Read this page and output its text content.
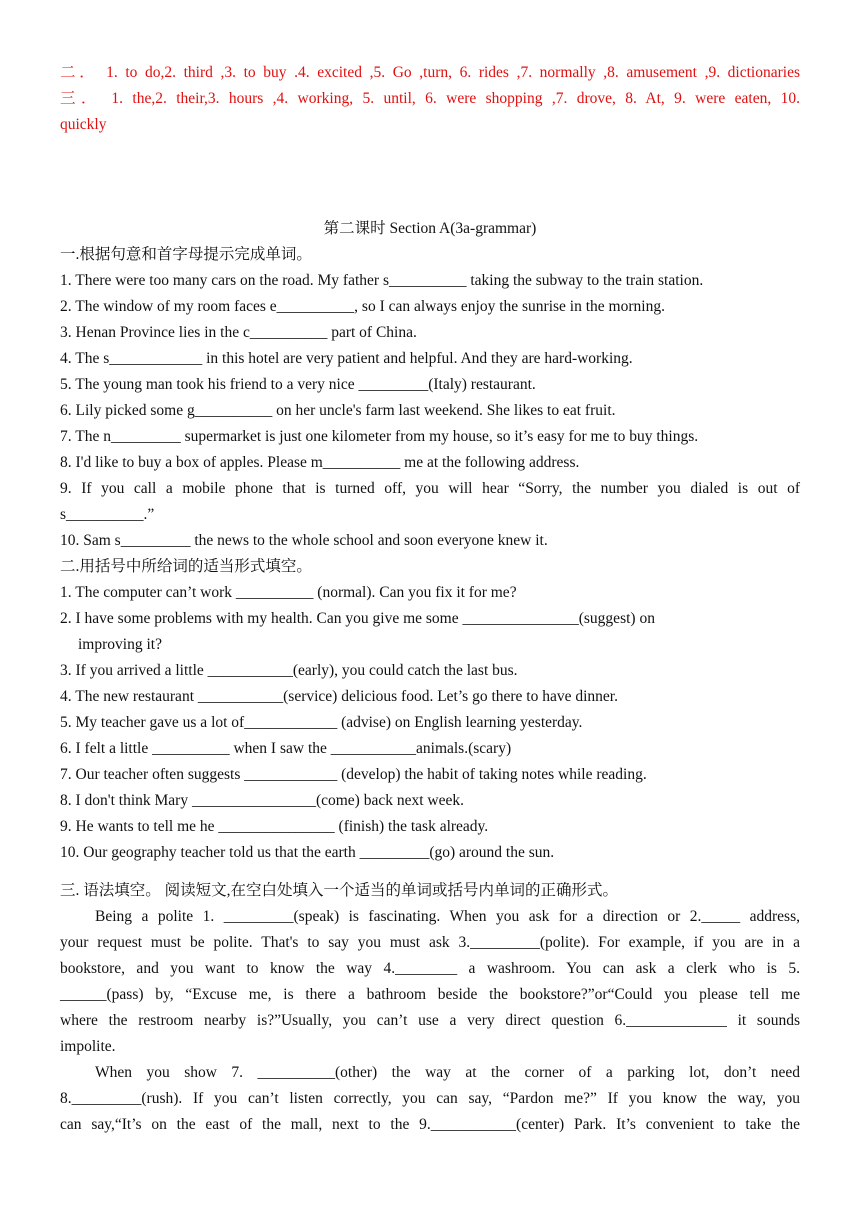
二． 1. to do,2. third ,3. to buy .4. excited ,5. Go ,turn, 6. rides ,7. normally ,8. amusement ,9. dictionaries
三． 1. the,2. their,3. hours ,4. working, 5. until, 6. were shopping ,7. drove, 8. At, 9. were eaten, 10.
quickly
第二课时 Section A(3a-grammar)
一.根据句意和首字母提示完成单词。
1. There were too many cars on the road. My father s__________ taking the subway to the train station.
2. The window of my room faces e__________, so I can always enjoy the sunrise in the morning.
3. Henan Province lies in the c__________ part of China.
4. The s____________ in this hotel are very patient and helpful. And they are hard-working.
5. The young man took his friend to a very nice _________(Italy) restaurant.
6. Lily picked some g__________ on her uncle's farm last weekend. She likes to eat fruit.
7. The n_________ supermarket is just one kilometer from my house, so it’s easy for me to buy things.
8. I'd like to buy a box of apples. Please m__________ me at the following address.
9. If you call a mobile phone that is turned off, you will hear “Sorry, the number you dialed is out of
s__________.”
10. Sam s_________ the news to the whole school and soon everyone knew it.
二.用括号中所给词的适当形式填空。
1. The computer can’t work __________ (normal). Can you fix it for me?
2. I have some problems with my health. Can you give me some _______________(suggest) on
improving it?
3. If you arrived a little ___________(early), you could catch the last bus.
4. The new restaurant ___________(service) delicious food. Let’s go there to have dinner.
5. My teacher gave us a lot of____________ (advise) on English learning yesterday.
6. I felt a little __________ when I saw the ___________animals.(scary)
7. Our teacher often suggests ____________ (develop) the habit of taking notes while reading.
8. I don't think Mary ________________(come) back next week.
9. He wants to tell me he _______________ (finish) the task already.
10. Our geography teacher told us that the earth _________(go) around the sun.
三. 语法填空。 阅读短文,在空白处填入一个适当的单词或括号内单词的正确形式。
Being a polite 1. _________(speak) is fascinating. When you ask for a direction or 2._____ address,
your request must be polite. That's to say you must ask 3._________(polite). For example, if you are in a
bookstore, and you want to know the way 4.________ a washroom. You can ask a clerk who is 5.
______(pass) by, “Excuse me, is there a bathroom beside the bookstore?”or“Could you please tell me
where the restroom nearby is?”Usually, you can’t use a very direct question 6._____________ it sounds
impolite.
When you show 7. __________(other) the way at the corner of a parking lot, don’t need
8._________(rush). If you can’t listen correctly, you can say, “Pardon me?” If you know the way, you
can say,“It’s on the east of the mall, next to the 9.___________(center) Park. It’s convenient to take the
